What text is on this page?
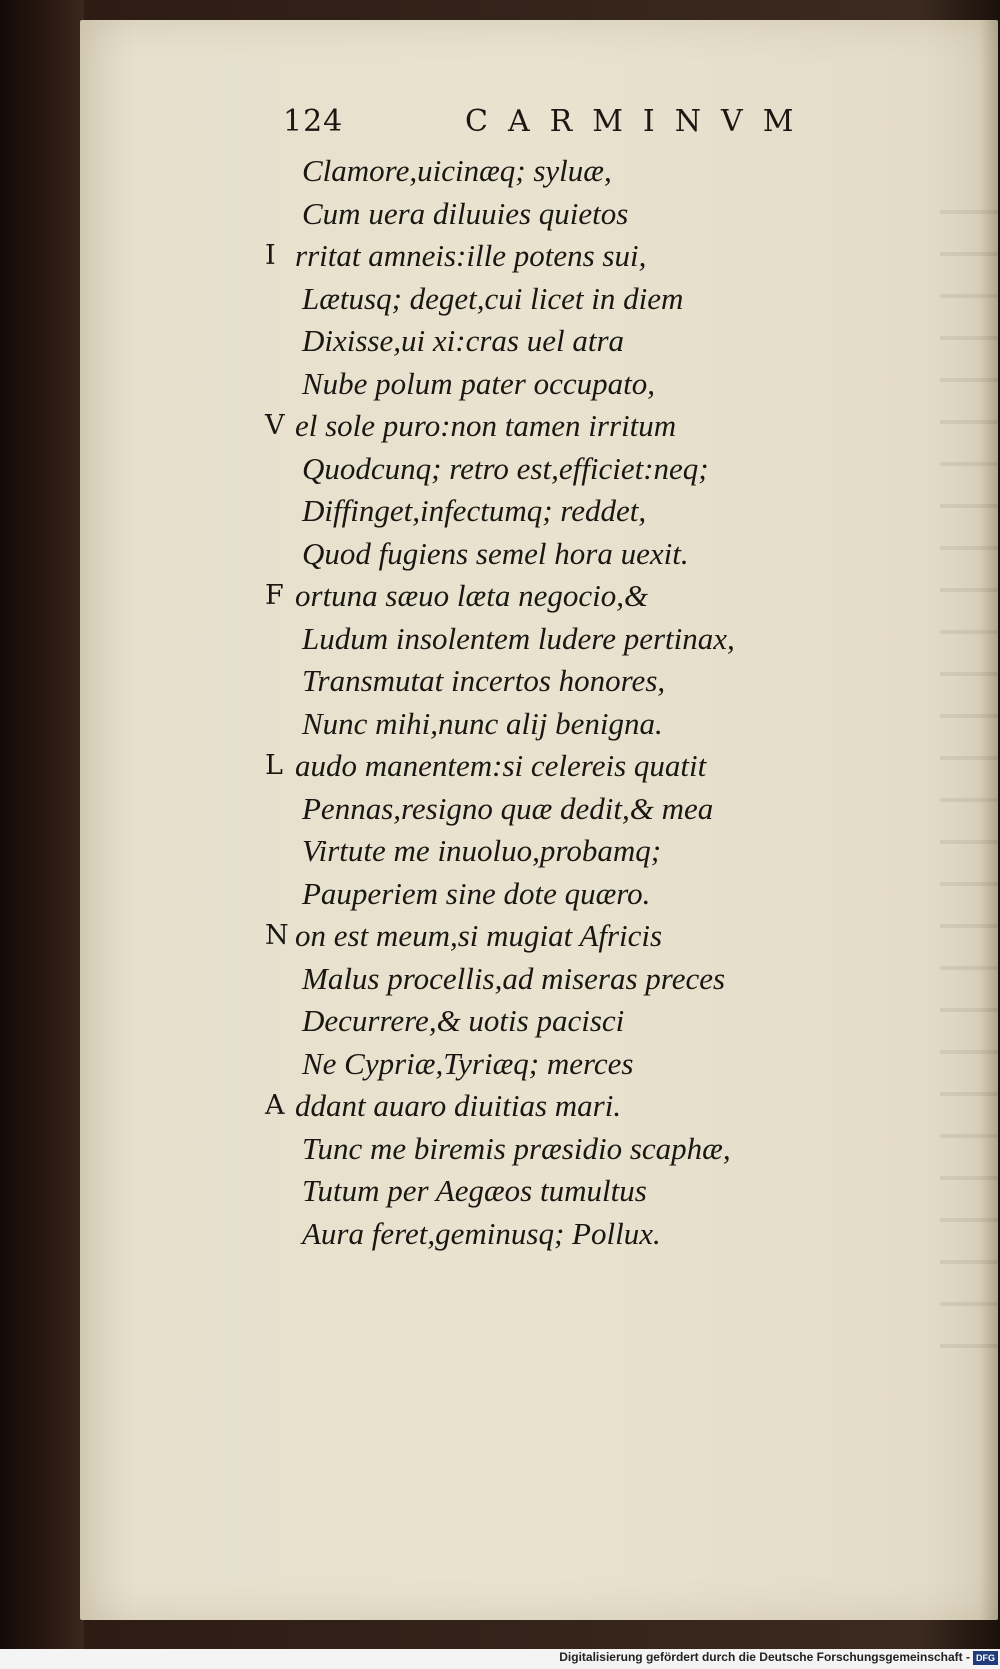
124	CARMINVM
Clamore,uicinæq; syluæ,
Cum uera diluuies quietos
I rritat amneis:ille potens sui,
Lætusq; deget,cui licet in diem
Dixisse,ui xi:cras uel atra
Nube polum pater occupato,
V el sole puro:non tamen irritum
Quodcunq; retro est,efficiet:neq;
Diffinget,infectumq; reddet,
Quod fugiens semel hora uexit.
F ortuna sæuo læta negocio,&
Ludum insolentem ludere pertinax,
Transmutat incertos honores,
Nunc mihi,nunc alij benigna.
L audo manentem:si celereis quatit
Pennas,resigno quæ dedit,& mea
Virtute me inuoluo,probamq;
Pauperiem sine dote quæro.
N on est meum,si mugiat Africis
Malus procellis,ad miseras preces
Decurrere,& uotis pacisci
Ne Cypriæ,Tyriæq; merces
A ddant auaro diuitias mari.
Tunc me biremis præsidio scaphæ,
Tutum per Aegæos tumultus
Aura feret,geminusq; Pollux.
Digitalisierung gefördert durch die Deutsche Forschungsgemeinschaft - DFG
